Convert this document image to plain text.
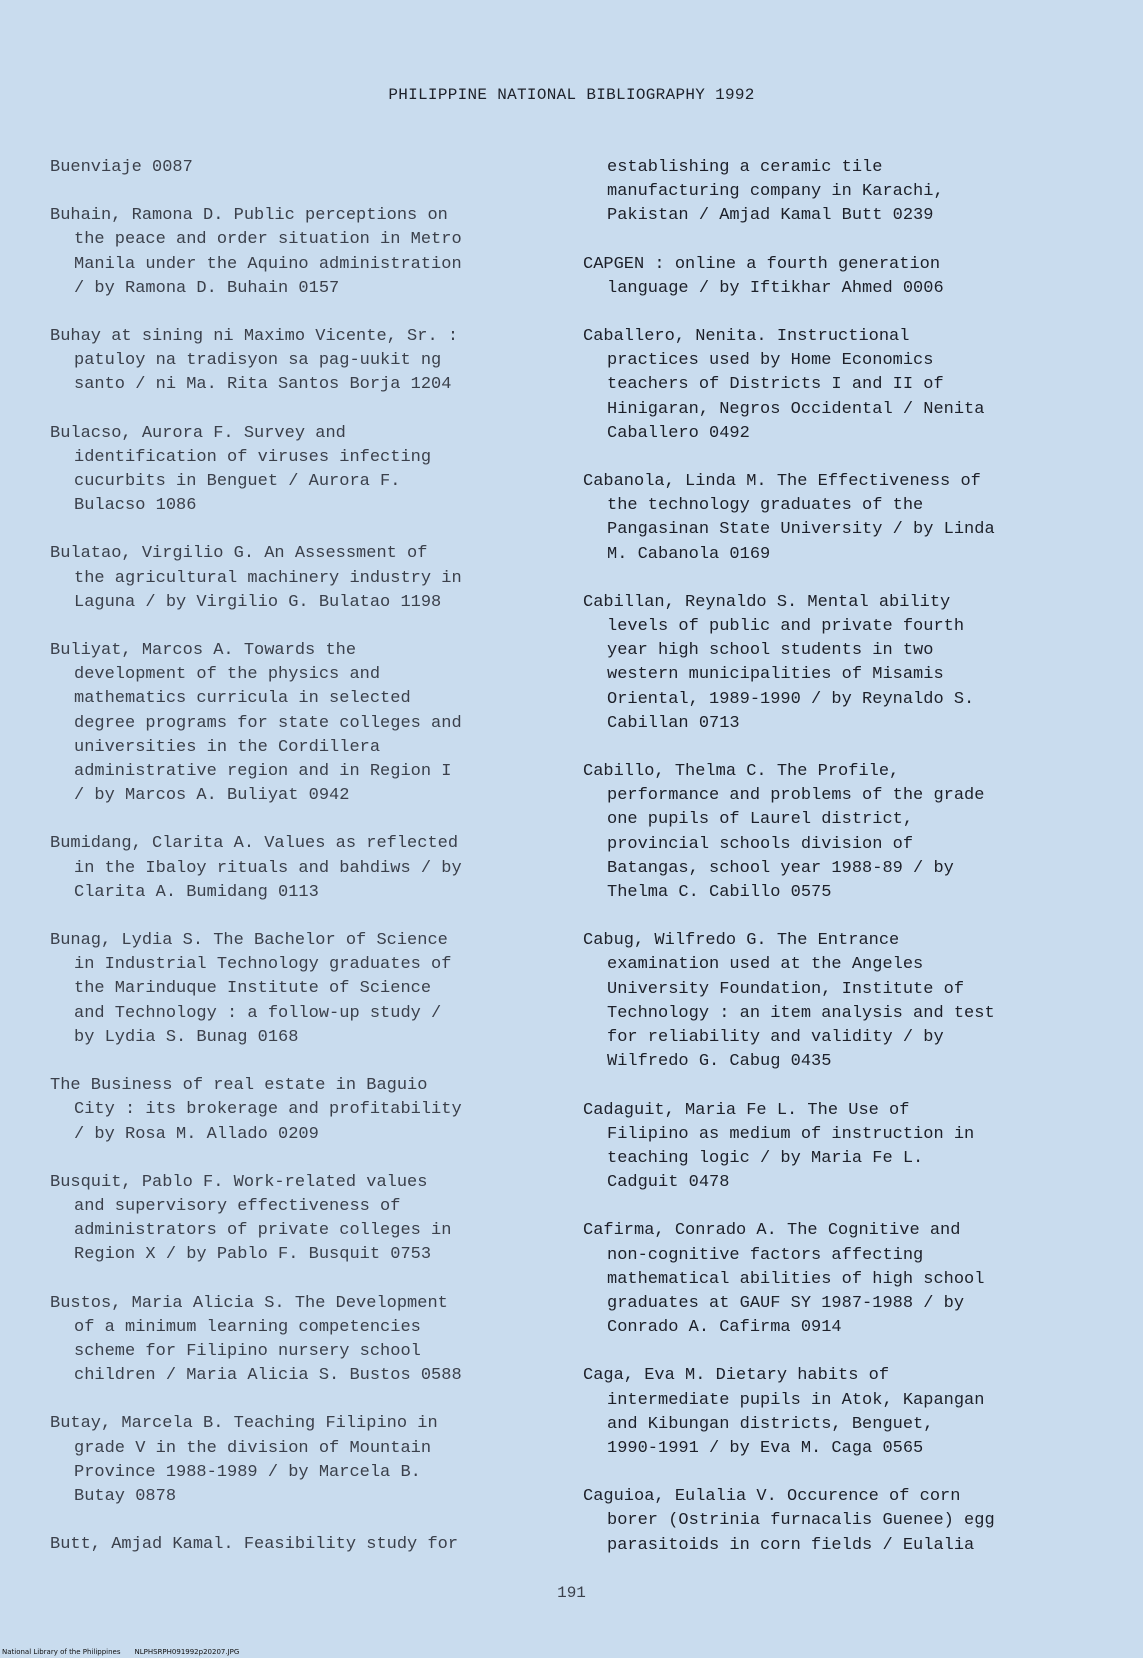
PHILIPPINE NATIONAL BIBLIOGRAPHY 1992
Buenviaje 0087
Buhain, Ramona D. Public perceptions on
the peace and order situation in Metro
Manila under the Aquino administration
/ by Ramona D. Buhain 0157
Buhay at sining ni Maximo Vicente, Sr. :
patuloy na tradisyon sa pag-uukit ng
santo / ni Ma. Rita Santos Borja 1204
Bulacso, Aurora F. Survey and
identification of viruses infecting
cucurbits in Benguet / Aurora F.
Bulacso 1086
Bulatao, Virgilio G. An Assessment of
the agricultural machinery industry in
Laguna / by Virgilio G. Bulatao 1198
Buliyat, Marcos A. Towards the
development of the physics and
mathematics curricula in selected
degree programs for state colleges and
universities in the Cordillera
administrative region and in Region I
/ by Marcos A. Buliyat 0942
Bumidang, Clarita A. Values as reflected
in the Ibaloy rituals and bahdiws / by
Clarita A. Bumidang 0113
Bunag, Lydia S. The Bachelor of Science
in Industrial Technology graduates of
the Marinduque Institute of Science
and Technology : a follow-up study /
by Lydia S. Bunag 0168
The Business of real estate in Baguio
City : its brokerage and profitability
/ by Rosa M. Allado 0209
Busquit, Pablo F. Work-related values
and supervisory effectiveness of
administrators of private colleges in
Region X / by Pablo F. Busquit 0753
Bustos, Maria Alicia S. The Development
of a minimum learning competencies
scheme for Filipino nursery school
children / Maria Alicia S. Bustos 0588
Butay, Marcela B. Teaching Filipino in
grade V in the division of Mountain
Province 1988-1989 / by Marcela B.
Butay 0878
Butt, Amjad Kamal. Feasibility study for
establishing a ceramic tile
manufacturing company in Karachi,
Pakistan / Amjad Kamal Butt 0239
CAPGEN : online a fourth generation
language / by Iftikhar Ahmed 0006
Caballero, Nenita. Instructional
practices used by Home Economics
teachers of Districts I and II of
Hinigaran, Negros Occidental / Nenita
Caballero 0492
Cabanola, Linda M. The Effectiveness of
the technology graduates of the
Pangasinan State University / by Linda
M. Cabanola 0169
Cabillan, Reynaldo S. Mental ability
levels of public and private fourth
year high school students in two
western municipalities of Misamis
Oriental, 1989-1990 / by Reynaldo S.
Cabillan 0713
Cabillo, Thelma C. The Profile,
performance and problems of the grade
one pupils of Laurel district,
provincial schools division of
Batangas, school year 1988-89 / by
Thelma C. Cabillo 0575
Cabug, Wilfredo G. The Entrance
examination used at the Angeles
University Foundation, Institute of
Technology : an item analysis and test
for reliability and validity / by
Wilfredo G. Cabug 0435
Cadaguit, Maria Fe L. The Use of
Filipino as medium of instruction in
teaching logic / by Maria Fe L.
Cadguit 0478
Cafirma, Conrado A. The Cognitive and
non-cognitive factors affecting
mathematical abilities of high school
graduates at GAUF SY 1987-1988 / by
Conrado A. Cafirma 0914
Caga, Eva M. Dietary habits of
intermediate pupils in Atok, Kapangan
and Kibungan districts, Benguet,
1990-1991 / by Eva M. Caga 0565
Caguioa, Eulalia V. Occurence of corn
borer (Ostrinia furnacalis Guenee) egg
parasitoids in corn fields / Eulalia
191
National Library of the Philippines NLPHSRPH091992p20207.JPG
